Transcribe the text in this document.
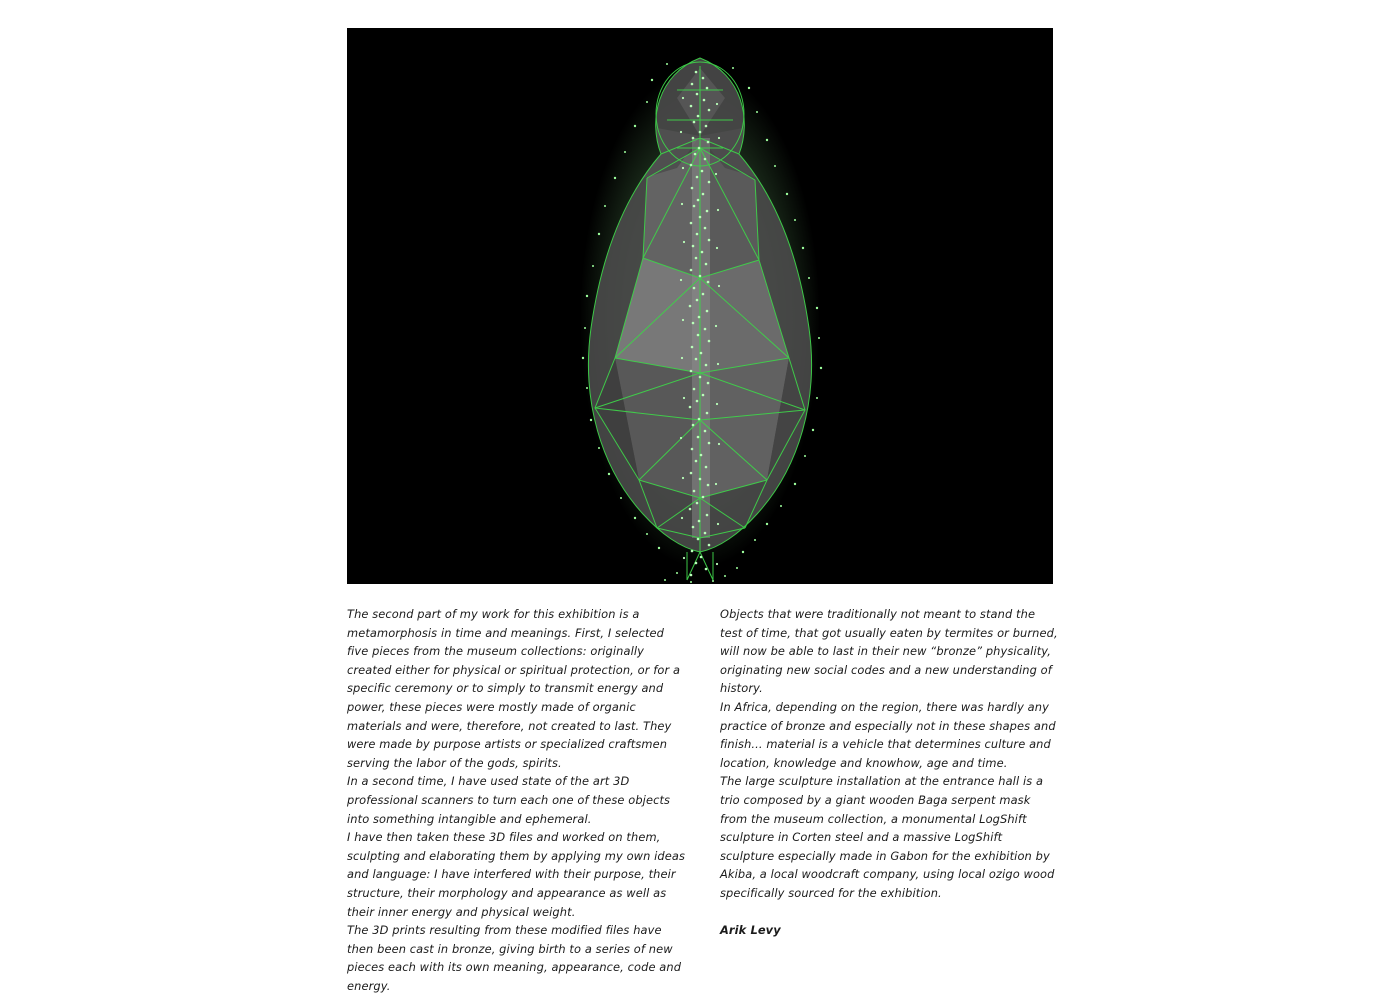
The second part of my work for this exhibition is a metamorphosis in time and meanings. First, I selected five pieces from the museum collections: originally created either for physical or spiritual protection, or for a specific ceremony or to simply to transmit energy and power, these pieces were mostly made of organic materials and were, therefore, not created to last. They were made by purpose artists or specialized craftsmen serving the labor of the gods, spirits.

In a second time, I have used state of the art 3D professional scanners to turn each one of these objects into something intangible and ephemeral.

I have then taken these 3D files and worked on them, sculpting and elaborating them by applying my own ideas and language: I have interfered with their purpose, their structure, their morphology and appearance as well as their inner energy and physical weight.

The 3D prints resulting from these modified files have then been cast in bronze, giving birth to a series of new pieces each with its own meaning, appearance, code and energy.

Objects that were traditionally not meant to stand the test of time, that got usually eaten by termites or burned, will now be able to last in their new “bronze” physicality, originating new social codes and a new understanding of history.

In Africa, depending on the region, there was hardly any practice of bronze and especially not in these shapes and finish... material is a vehicle that determines culture and location, knowledge and knowhow, age and time.

The large sculpture installation at the entrance hall is a trio composed by a giant wooden Baga serpent mask from the museum collection, a monumental LogShift sculpture in Corten steel and a massive LogShift sculpture especially made in Gabon for the exhibition by Akiba, a local woodcraft company, using local ozigo wood specifically sourced for the exhibition.

Arik Levy
